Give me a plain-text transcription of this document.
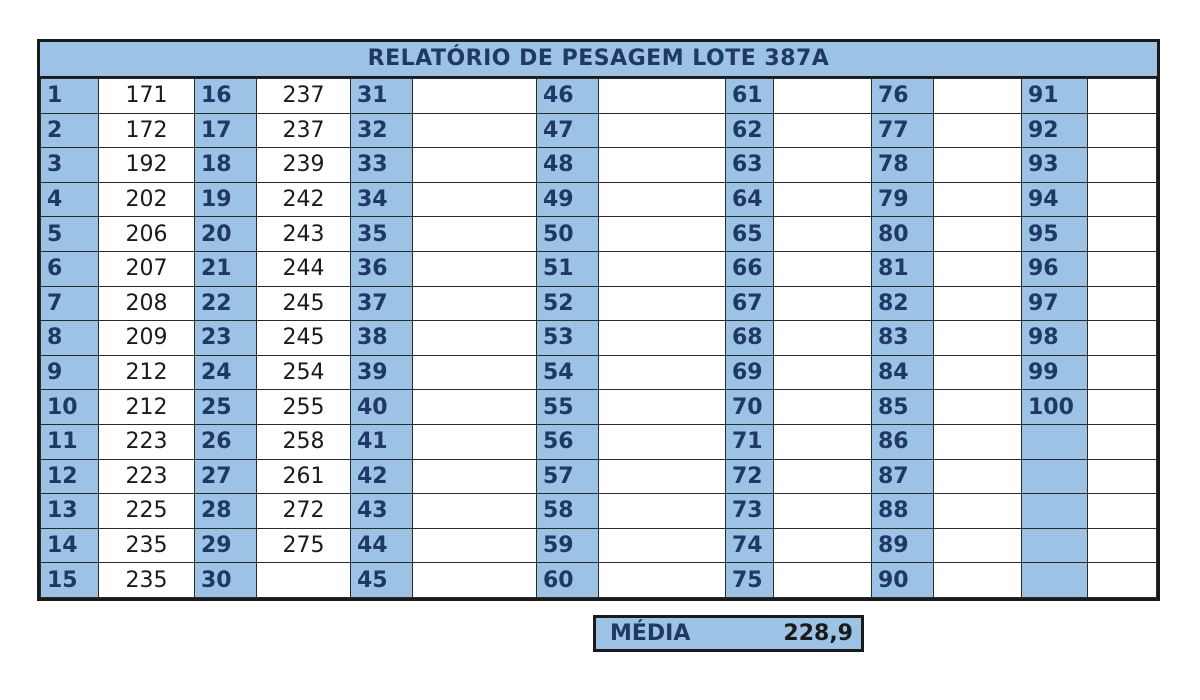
RELATÓRIO DE PESAGEM LOTE 387A
1	171	16	237	31		46		61		76		91	
2	172	17	237	32		47		62		77		92	
3	192	18	239	33		48		63		78		93	
4	202	19	242	34		49		64		79		94	
5	206	20	243	35		50		65		80		95	
6	207	21	244	36		51		66		81		96	
7	208	22	245	37		52		67		82		97	
8	209	23	245	38		53		68		83		98	
9	212	24	254	39		54		69		84		99	
10	212	25	255	40		55		70		85		100	
11	223	26	258	41		56		71		86			
12	223	27	261	42		57		72		87			
13	225	28	272	43		58		73		88			
14	235	29	275	44		59		74		89			
15	235	30		45		60		75		90			
MÉDIA	228,9
